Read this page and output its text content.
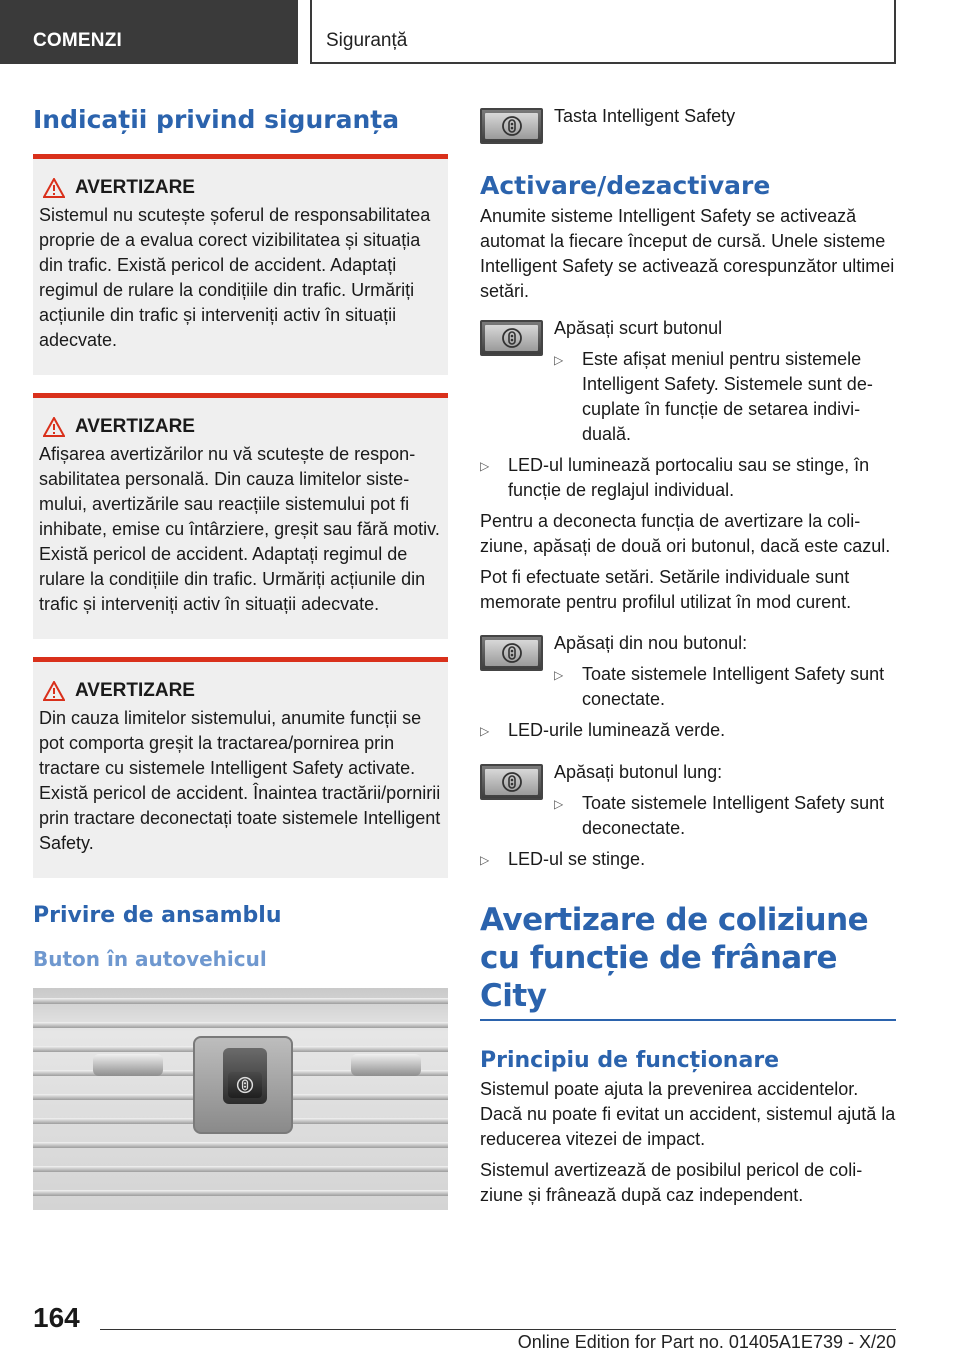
COMENZI	Siguranță
Indicații privind siguranța
AVERTIZARE
Sistemul nu scutește șoferul de responsabilitatea proprie de a evalua corect vizibilitatea și situația din trafic. Există pericol de accident. Adaptați regimul de rulare la condițiile din trafic. Urmăriți acțiunile din trafic și interveniți activ în situații adecvate.
AVERTIZARE
Afișarea avertizărilor nu vă scutește de responsabilitatea personală. Din cauza limitelor sistemului, avertizările sau reacțiile sistemului pot fi inhibate, emise cu întârziere, greșit sau fără motiv. Există pericol de accident. Adaptați regimul de rulare la condițiile din trafic. Urmăriți acțiunile din trafic și interveniți activ în situații adecvate.
AVERTIZARE
Din cauza limitelor sistemului, anumite funcții se pot comporta greșit la tractarea/pornirea prin tractare cu sistemele Intelligent Safety activate. Există pericol de accident. Înaintea tractării/pornirii prin tractare deconectați toate sistemele Intelligent Safety.
Privire de ansamblu
Buton în autovehicul
Tasta Intelligent Safety
Activare/dezactivare
Anumite sisteme Intelligent Safety se activează automat la fiecare început de cursă. Unele sisteme Intelligent Safety se activează corespunzător ultimei setări.
Apăsați scurt butonul
▷	Este afișat meniul pentru sistemele Intelligent Safety. Sistemele sunt decuplate în funcție de setarea individuală.
▷	LED-ul luminează portocaliu sau se stinge, în funcție de reglajul individual.
Pentru a deconecta funcția de avertizare la coliziune, apăsați de două ori butonul, dacă este cazul.
Pot fi efectuate setări. Setările individuale sunt memorate pentru profilul utilizat în mod curent.
Apăsați din nou butonul:
▷	Toate sistemele Intelligent Safety sunt conectate.
▷	LED-urile luminează verde.
Apăsați butonul lung:
▷	Toate sistemele Intelligent Safety sunt deconectate.
▷	LED-ul se stinge.
Avertizare de coliziune cu funcție de frânare City
Principiu de funcționare
Sistemul poate ajuta la prevenirea accidentelor. Dacă nu poate fi evitat un accident, sistemul ajută la reducerea vitezei de impact.
Sistemul avertizează de posibilul pericol de coliziune și frânează după caz independent.
164
Online Edition for Part no. 01405A1E739 - X/20
